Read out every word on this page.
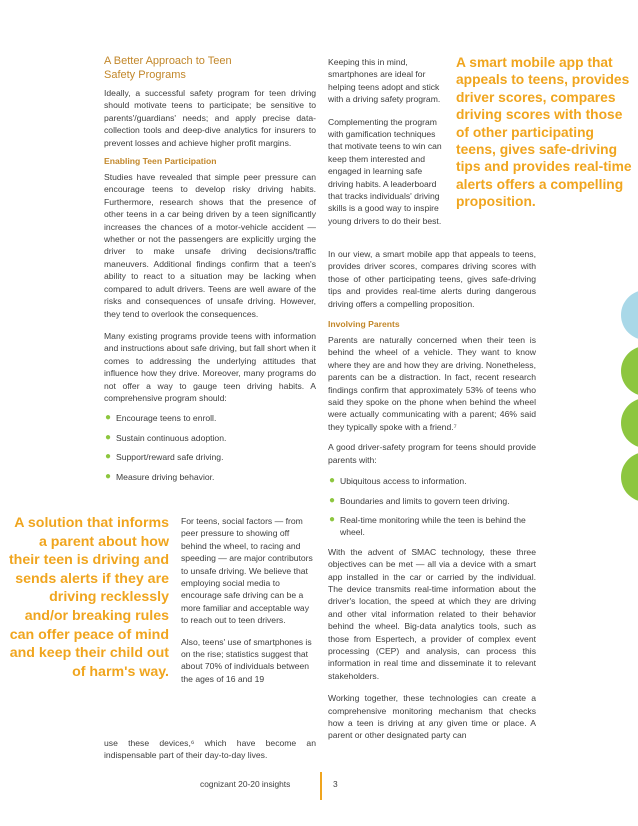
A Better Approach to Teen
Safety Programs

Ideally, a successful safety program for teen driving should motivate teens to participate; be sensitive to parents'/guardians' needs; and apply precise data-collection tools and deep-dive analytics for insurers to prevent losses and achieve higher profit margins.

Enabling Teen Participation

Studies have revealed that simple peer pressure can encourage teens to develop risky driving habits. Furthermore, research shows that the presence of other teens in a car being driven by a teen significantly increases the chances of a motor-vehicle accident — whether or not the passengers are explicitly urging the driver to make unsafe driving decisions/traffic maneuvers. Additional findings confirm that a teen's ability to react to a situation may be lacking when compared to adult drivers. Teens are well aware of the risks and consequences of unsafe driving. However, they tend to overlook the consequences.

Many existing programs provide teens with information and instructions about safe driving, but fall short when it comes to addressing the underlying attitudes that influence how they drive. Moreover, many programs do not offer a way to gauge teen driving habits. A comprehensive program should:

● Encourage teens to enroll.
● Sustain continuous adoption.
● Support/reward safe driving.
● Measure driving behavior.
A solution that informs a parent about how their teen is driving and sends alerts if they are driving recklessly and/or breaking rules can offer peace of mind and keep their child out of harm's way.

For teens, social factors — from peer pressure to showing off behind the wheel, to racing and speeding — are major contributors to unsafe driving. We believe that employing social media to encourage safe driving can be a more familiar and acceptable way to reach out to teen drivers.

Also, teens' use of smartphones is on the rise; statistics suggest that about 70% of individuals between the ages of 16 and 19

use these devices,⁶ which have become an indispensable part of their day-to-day lives.

Keeping this in mind, smartphones are ideal for helping teens adopt and stick with a driving safety program.

Complementing the program with gamification techniques that motivate teens to win can keep them interested and engaged in learning safe driving habits. A leaderboard that tracks individuals' driving skills is a good way to inspire young drivers to do their best.

A smart mobile app that appeals to teens, provides driver scores, compares driving scores with those of other participating teens, gives safe-driving tips and provides real-time alerts offers a compelling proposition.

In our view, a smart mobile app that appeals to teens, provides driver scores, compares driving scores with those of other participating teens, gives safe-driving tips and provides real-time alerts during dangerous driving offers a compelling proposition.

Involving Parents

Parents are naturally concerned when their teen is behind the wheel of a vehicle. They want to know where they are and how they are driving. Nonetheless, parents can be a distraction. In fact, recent research findings confirm that approximately 53% of teens who said they spoke on the phone when behind the wheel were actually communicating with a parent; 46% said they typically spoke with a friend.⁷

A good driver-safety program for teens should provide parents with:

● Ubiquitous access to information.
● Boundaries and limits to govern teen driving.
● Real-time monitoring while the teen is behind the wheel.

With the advent of SMAC technology, these three objectives can be met — all via a device with a smart app installed in the car or carried by the individual. The device transmits real-time information about the driver's location, the speed at which they are driving and other vital information related to their behavior behind the wheel. Big-data analytics tools, such as those from Espertech, a provider of complex event processing (CEP) and analysis, can process this information in real time and disseminate it to relevant stakeholders.

Working together, these technologies can create a comprehensive monitoring mechanism that checks how a teen is driving at any given time or place. A parent or other designated party can

cognizant 20-20 insights	3
